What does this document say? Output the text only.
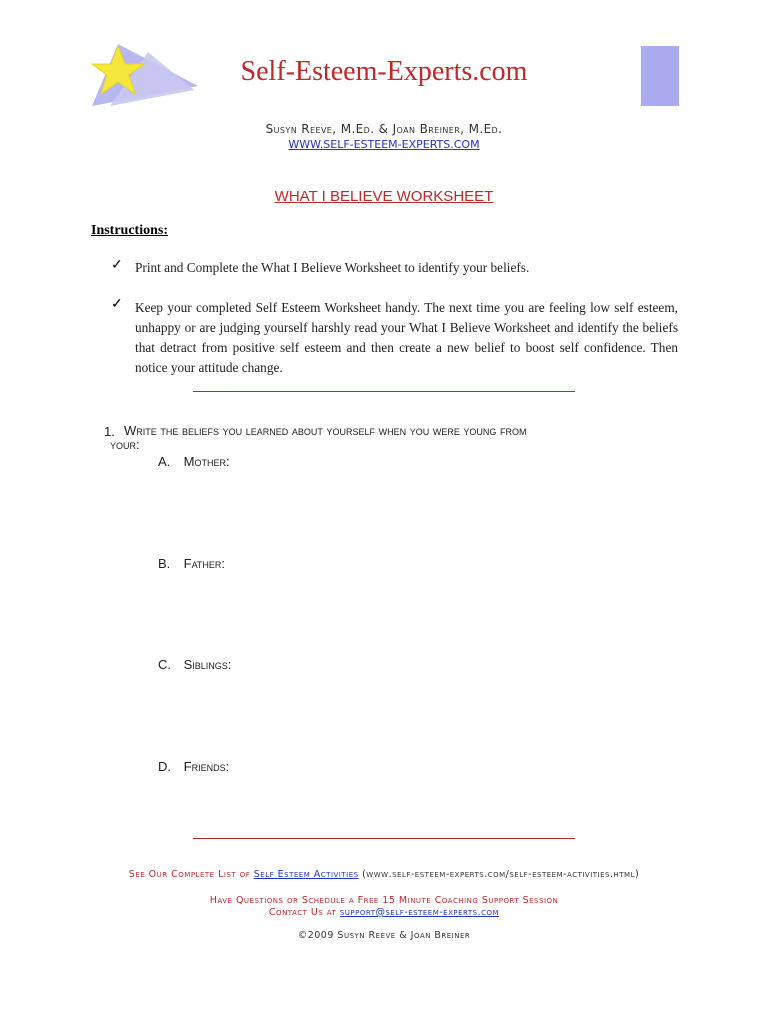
Self-Esteem-Experts.com
Susyn Reeve, M.Ed. & Joan Breiner, M.Ed.
WWW.SELF-ESTEEM-EXPERTS.COM
WHAT I BELIEVE WORKSHEET
Instructions:
✓ Print and Complete the What I Believe Worksheet to identify your beliefs.
✓ Keep your completed Self Esteem Worksheet handy. The next time you are feeling low self esteem, unhappy or are judging yourself harshly read your What I Believe Worksheet and identify the beliefs that detract from positive self esteem and then create a new belief to boost self confidence. Then notice your attitude change.
1. Write the beliefs you learned about yourself when you were young from
your:
A. Mother:
B. Father:
C. Siblings:
D. Friends:
See Our Complete List of Self Esteem Activities (www.self-esteem-experts.com/self-esteem-activities.html)
Have Questions or Schedule a Free 15 Minute Coaching Support Session
Contact Us at support@self-esteem-experts.com
©2009 Susyn Reeve & Joan Breiner
